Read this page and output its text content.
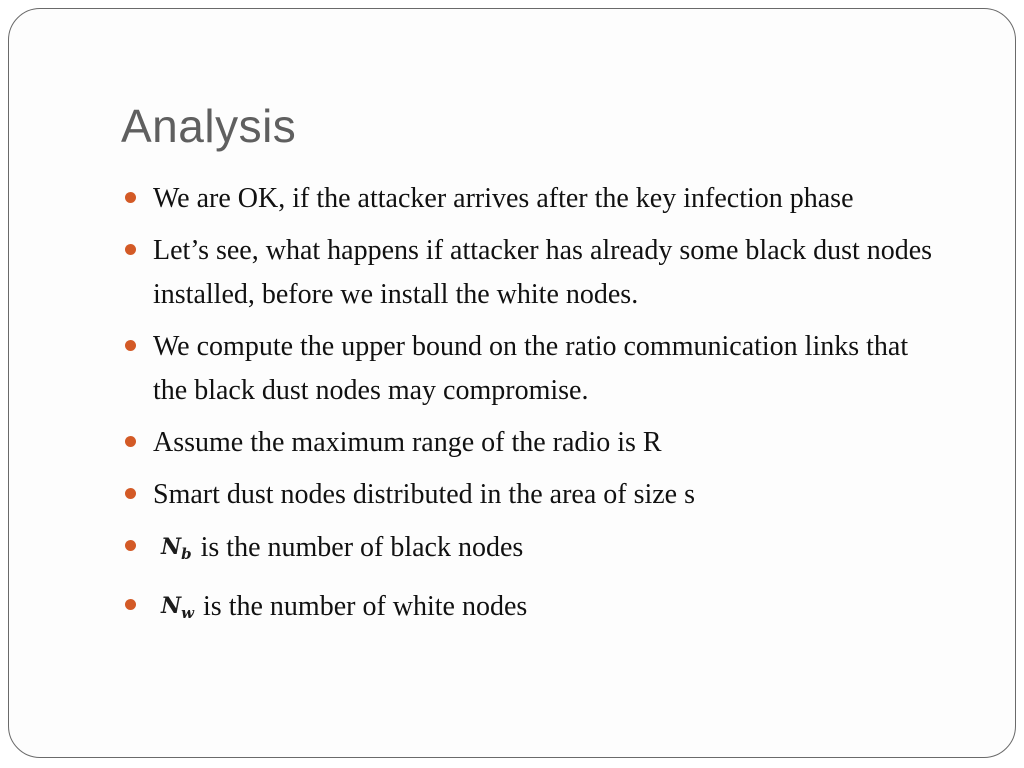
Analysis
We are OK, if the attacker arrives after the key infection phase
Let’s see, what happens if attacker has already some black dust nodes installed, before we install the white nodes.
We compute the upper bound on the ratio communication links that the black dust nodes may compromise.
Assume the maximum range of the radio is R
Smart dust nodes distributed in the area of size s
$N_b$ is the number of black nodes
$N_w$ is the number of white nodes
